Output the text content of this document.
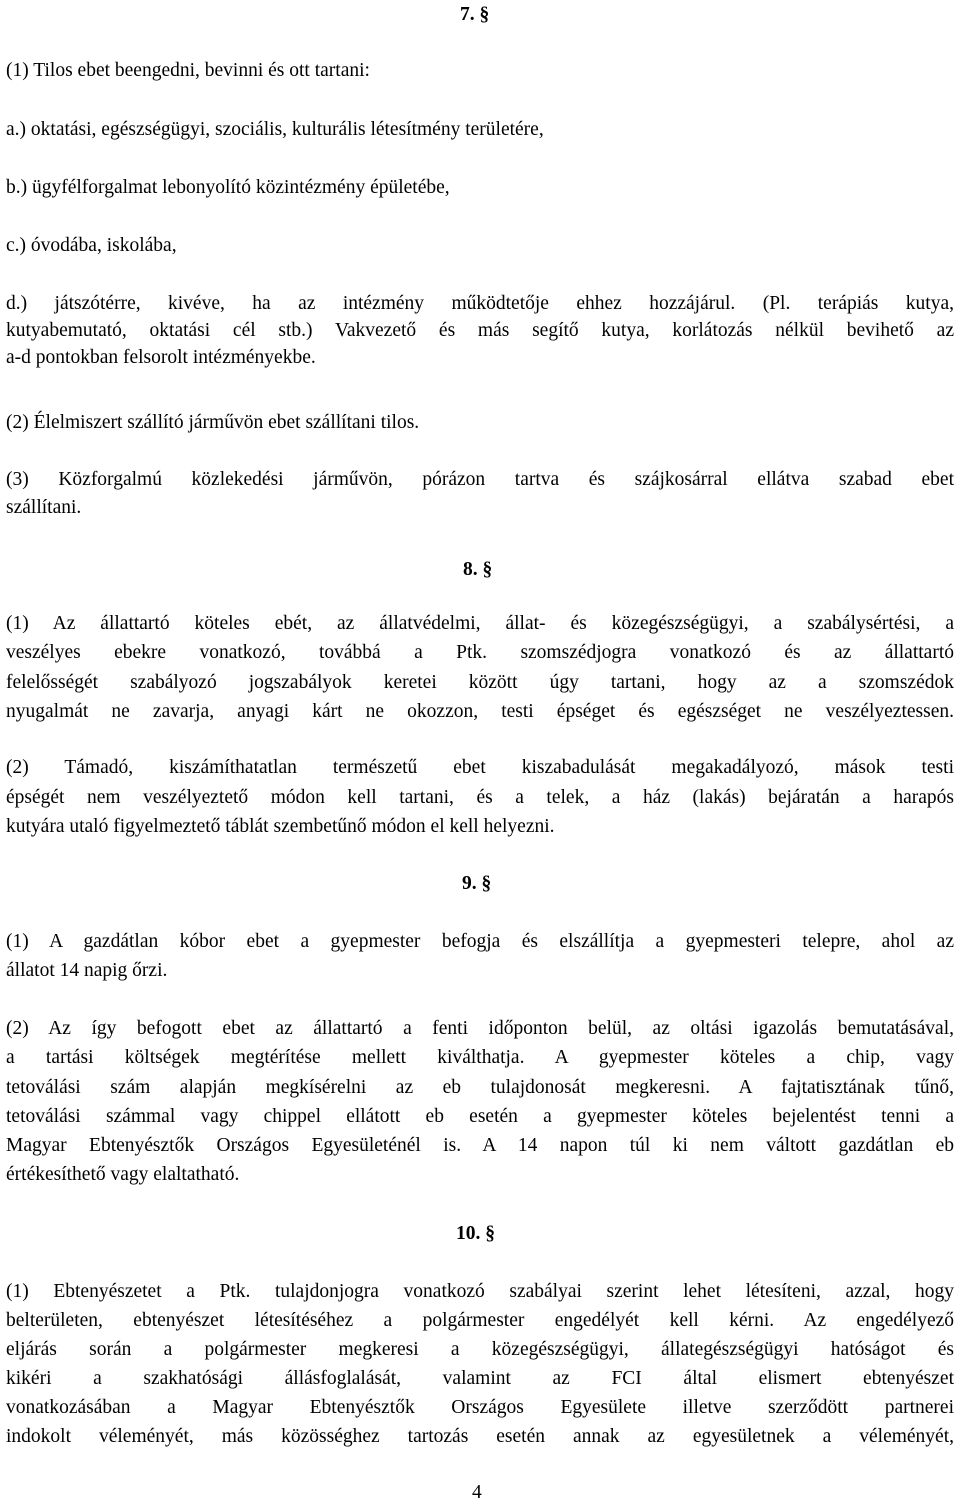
7. §
(1) Tilos ebet beengedni, bevinni és ott tartani:
a.) oktatási, egészségügyi, szociális, kulturális létesítmény területére,
b.) ügyfélforgalmat lebonyolító közintézmény épületébe,
c.) óvodába, iskolába,
d.) játszótérre, kivéve, ha az intézmény működtetője ehhez hozzájárul. (Pl. terápiás kutya,
kutyabemutató, oktatási cél stb.) Vakvezető és más segítő kutya, korlátozás nélkül bevihető az
a-d pontokban felsorolt intézményekbe.
(2) Élelmiszert szállító járművön ebet szállítani tilos.
(3) Közforgalmú közlekedési járművön, pórázon tartva és szájkosárral ellátva szabad ebet
szállítani.
8. §
(1) Az állattartó köteles ebét, az állatvédelmi, állat- és közegészségügyi, a szabálysértési, a
veszélyes ebekre vonatkozó, továbbá a Ptk. szomszédjogra vonatkozó és az állattartó
felelősségét szabályozó jogszabályok keretei között úgy tartani, hogy az a szomszédok
nyugalmát ne zavarja, anyagi kárt ne okozzon, testi épséget és egészséget ne veszélyeztessen.
(2) Támadó, kiszámíthatatlan természetű ebet kiszabadulását megakadályozó, mások testi
épségét nem veszélyeztető módon kell tartani, és a telek, a ház (lakás) bejáratán a harapós
kutyára utaló figyelmeztető táblát szembetűnő módon el kell helyezni.
9. §
(1) A gazdátlan kóbor ebet a gyepmester befogja és elszállítja a gyepmesteri telepre, ahol az
állatot 14 napig őrzi.
(2) Az így befogott ebet az állattartó a fenti időponton belül, az oltási igazolás bemutatásával,
a tartási költségek megtérítése mellett kiválthatja. A gyepmester köteles a chip, vagy
tetoválási szám alapján megkísérelni az eb tulajdonosát megkeresni. A fajtatisztának tűnő,
tetoválási számmal vagy chippel ellátott eb esetén a gyepmester köteles bejelentést tenni a
Magyar Ebtenyésztők Országos Egyesületénél is. A 14 napon túl ki nem váltott gazdátlan eb
értékesíthető vagy elaltatható.
10. §
(1) Ebtenyészetet a Ptk. tulajdonjogra vonatkozó szabályai szerint lehet létesíteni, azzal, hogy
belterületen, ebtenyészet létesítéséhez a polgármester engedélyét kell kérni. Az engedélyező
eljárás során a polgármester megkeresi a közegészségügyi, állategészségügyi hatóságot és
kikéri a szakhatósági állásfoglalását, valamint az FCI által elismert ebtenyészet
vonatkozásában a Magyar Ebtenyésztők Országos Egyesülete illetve szerződött partnerei
indokolt véleményét, más közösséghez tartozás esetén annak az egyesületnek a véleményét,
4
